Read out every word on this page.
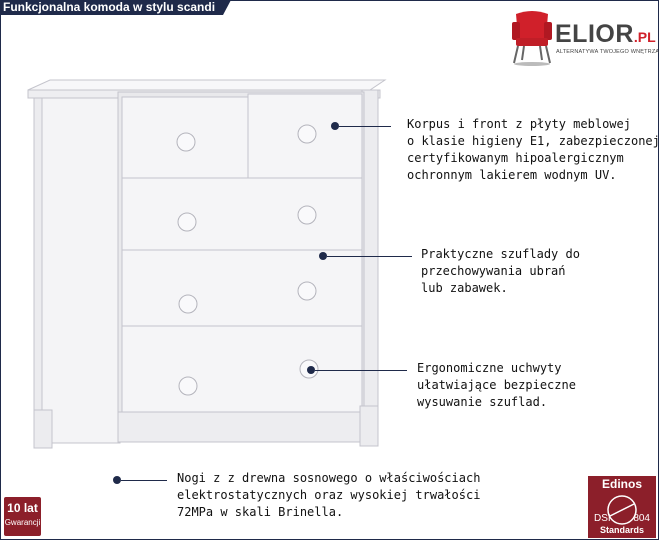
Funkcjonalna komoda w stylu scandi
ELIOR.PL
ALTERNATYWA TWOJEGO WNĘTRZA
Korpus i front z płyty meblowej
o klasie higieny E1, zabezpieczonej
certyfikowanym hipoalergicznym
ochronnym lakierem wodnym UV.
Praktyczne szuflady do
przechowywania ubrań
lub zabawek.
Ergonomiczne uchwyty
ułatwiające bezpieczne
wysuwanie szuflad.
Nogi z z drewna sosnowego o właściwościach
elektrostatycznych oraz wysokiej trwałości
72MPa w skali Brinella.
10 lat
Gwarancji
Edinos
DSI 804
Standards
